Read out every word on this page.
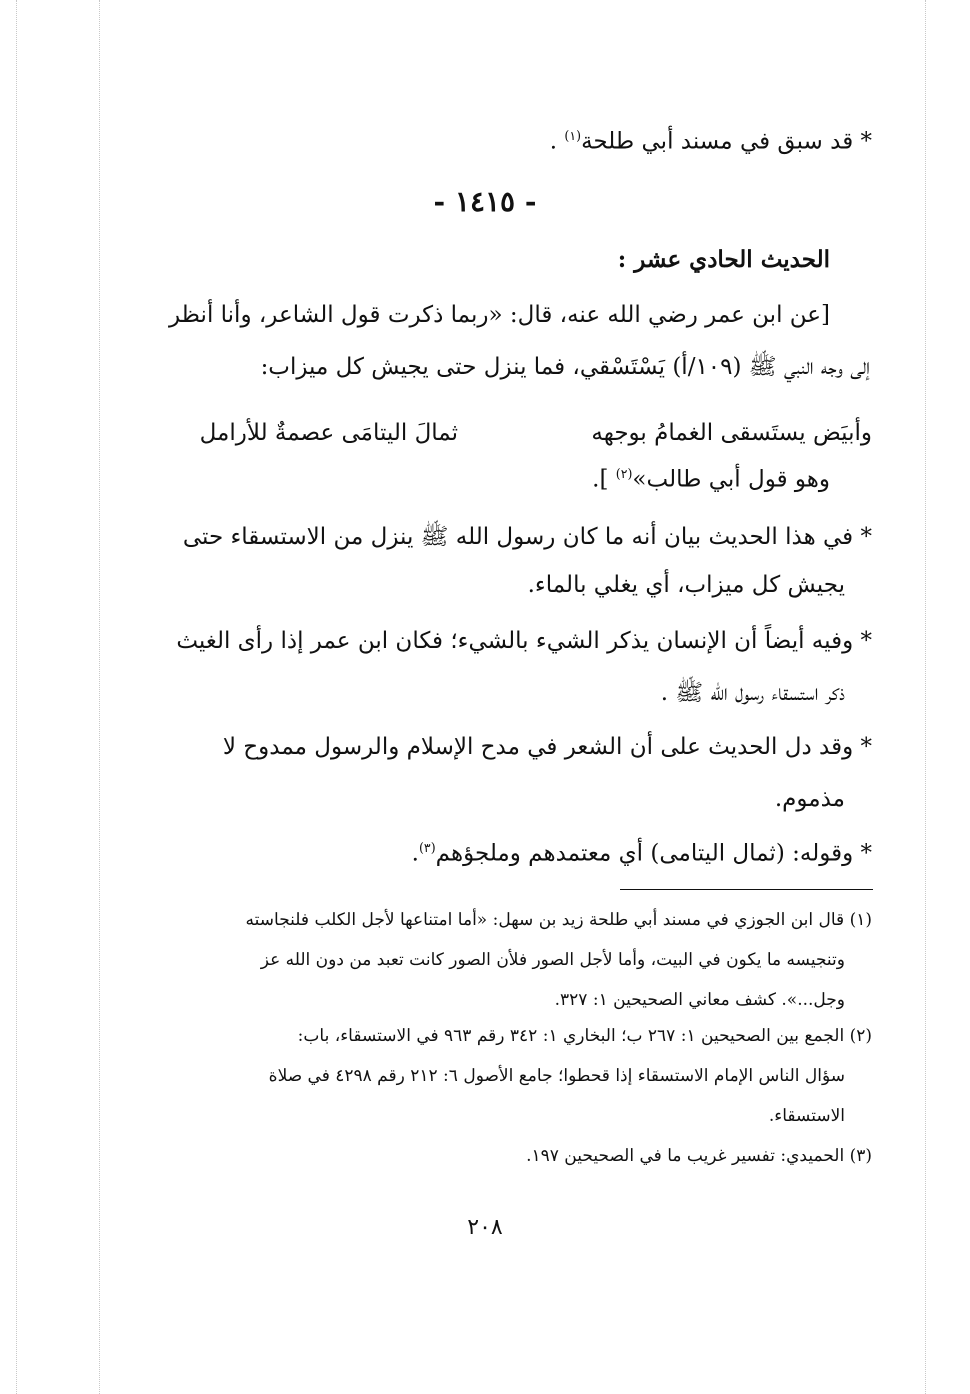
* قد سبق في مسند أبي طلحة$^{(١)}$ .
- ١٤١٥ -
الحديث الحادي عشر :
[عن ابن عمر رضي الله عنه، قال: «ربما ذكرت قول الشاعر، وأنا أنظر
إلى وجه النبي ﷺ (١٠٩/أ) يَسْتَسْقي، فما ينزل حتى يجيش كل ميزاب:
وأبيَض يستَسقى الغمامُ بوجهه
ثمالَ اليتامَى عصمةٌ للأرامل
وهو قول أبي طالب»$^{(٢)}$ ].
* في هذا الحديث بيان أنه ما كان رسول الله ﷺ ينزل من الاستسقاء حتى
يجيش كل ميزاب، أي يغلي بالماء.
* وفيه أيضاً أن الإنسان يذكر الشيء بالشيء؛ فكان ابن عمر إذا رأى الغيث
ذكر استسقاء رسول الله ﷺ .
* وقد دل الحديث على أن الشعر في مدح الإسلام والرسول ممدوح لا
مذموم.
* وقوله: (ثمال اليتامى) أي معتمدهم وملجؤهم$^{(٣)}$.
(١) قال ابن الجوزي في مسند أبي طلحة زيد بن سهل: «أما امتناعها لأجل الكلب فلنجاسته
وتنجيسه ما يكون في البيت، وأما لأجل الصور فلأن الصور كانت تعبد من دون الله عز
وجل...». كشف معاني الصحيحين ١: ٣٢٧.
(٢) الجمع بين الصحيحين ١: ٢٦٧ ب؛ البخاري ١: ٣٤٢ رقم ٩٦٣ في الاستسقاء، باب:
سؤال الناس الإمام الاستسقاء إذا قحطوا؛ جامع الأصول ٦: ٢١٢ رقم ٤٢٩٨ في صلاة
الاستسقاء.
(٣) الحميدي: تفسير غريب ما في الصحيحين ١٩٧.
٢٠٨
